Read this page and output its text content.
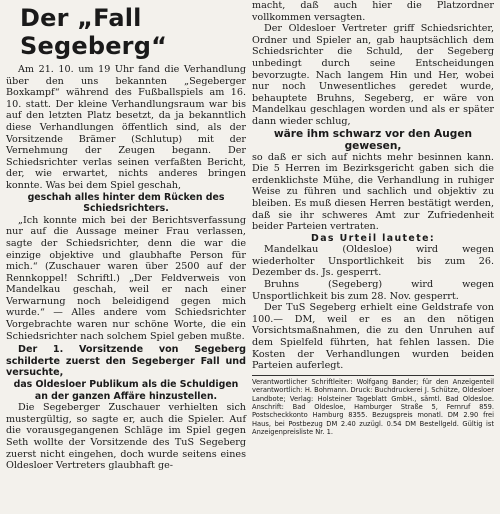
Der „Fall Segeberg“

Am 21. 10. um 19 Uhr fand die Verhandlung über den uns bekannten „Segeberger Boxkampf“ während des Fußballspiels am 16. 10. statt. Der kleine Verhandlungsraum war bis auf den letzten Platz besetzt, da ja bekanntlich diese Verhandlungen öffentlich sind, als der Vorsitzende Brämer (Schlutup) mit der Vernehmung der Zeugen begann. Der Schiedsrichter verlas seinen verfaßten Bericht, der, wie erwartet, nichts anderes bringen konnte. Was bei dem Spiel geschah,

geschah alles hinter dem Rücken des Schiedsrichters.

„Ich konnte mich bei der Berichtsverfassung nur auf die Aussage meiner Frau verlassen, sagte der Schiedsrichter, denn die war die einzige objektive und glaubhafte Person für mich.“ (Zuschauer waren über 2500 auf der Rennkoppel! Schriftl.) „Der Feldverweis von Mandelkau geschah, weil er nach einer Verwarnung noch beleidigend gegen mich wurde.“ — Alles andere vom Schiedsrichter Vorgebrachte waren nur schöne Worte, die ein Schiedsrichter nach solchem Spiel geben mußte.

Der 1. Vorsitzende von Segeberg schilderte zuerst den Segeberger Fall und versuchte,

das Oldesloer Publikum als die Schuldigen an der ganzen Affäre hinzustellen.

Die Segeberger Zuschauer verhielten sich mustergültig, so sagte er, auch die Spieler. Auf die vorausgegangenen Schläge im Spiel gegen Seth wollte der Vorsitzende des TuS Segeberg zuerst nicht eingehen, doch wurde seitens eines Oldesloer Vertreters glaubhaft ge-

macht, daß auch hier die Platzordner vollkommen versagten.

Der Oldesloer Vertreter griff Schiedsrichter, Ordner und Spieler an, gab hauptsächlich dem Schiedsrichter die Schuld, der Segeberg unbedingt durch seine Entscheidungen bevorzugte. Nach langem Hin und Her, wobei nur noch Unwesentliches geredet wurde, behauptete Bruhns, Segeberg, er wäre von Mandelkau geschlagen worden und als er später dann wieder schlug,

wäre ihm schwarz vor den Augen gewesen,

so daß er sich auf nichts mehr besinnen kann. Die 5 Herren im Bezirksgericht gaben sich die erdenklichste Mühe, die Verhandlung in ruhiger Weise zu führen und sachlich und objektiv zu bleiben. Es muß diesen Herren bestätigt werden, daß sie ihr schweres Amt zur Zufriedenheit beider Parteien vertraten.

Das Urteil lautete:

Mandelkau (Oldesloe) wird wegen wiederholter Unsportlichkeit bis zum 26. Dezember ds. Js. gesperrt.

Bruhns (Segeberg) wird wegen Unsportlichkeit bis zum 28. Nov. gesperrt.

Der TuS Segeberg erhielt eine Geldstrafe von 100.— DM, weil er es an den nötigen Vorsichtsmaßnahmen, die zu den Unruhen auf dem Spielfeld führten, hat fehlen lassen. Die Kosten der Verhandlungen wurden beiden Parteien auferlegt.

Verantwortlicher Schriftleiter: Wolfgang Bander; für den Anzeigenteil verantwortlich: H. Bohmann. Druck: Buchdruckerei J. Schütze, Oldesloer Landbote; Verlag: Holsteiner Tageblatt GmbH., sämtl. Bad Oldesloe. Anschrift: Bad Oldesloe, Hamburger Straße 5, Fernruf 859. Postscheckkonto Hamburg 8355. Bezugspreis monatl. DM 2.90 frei Haus, bei Postbezug DM 2.40 zuzügl. 0.54 DM Bestellgeld. Gültig ist Anzeigenpreisliste Nr. 1.
